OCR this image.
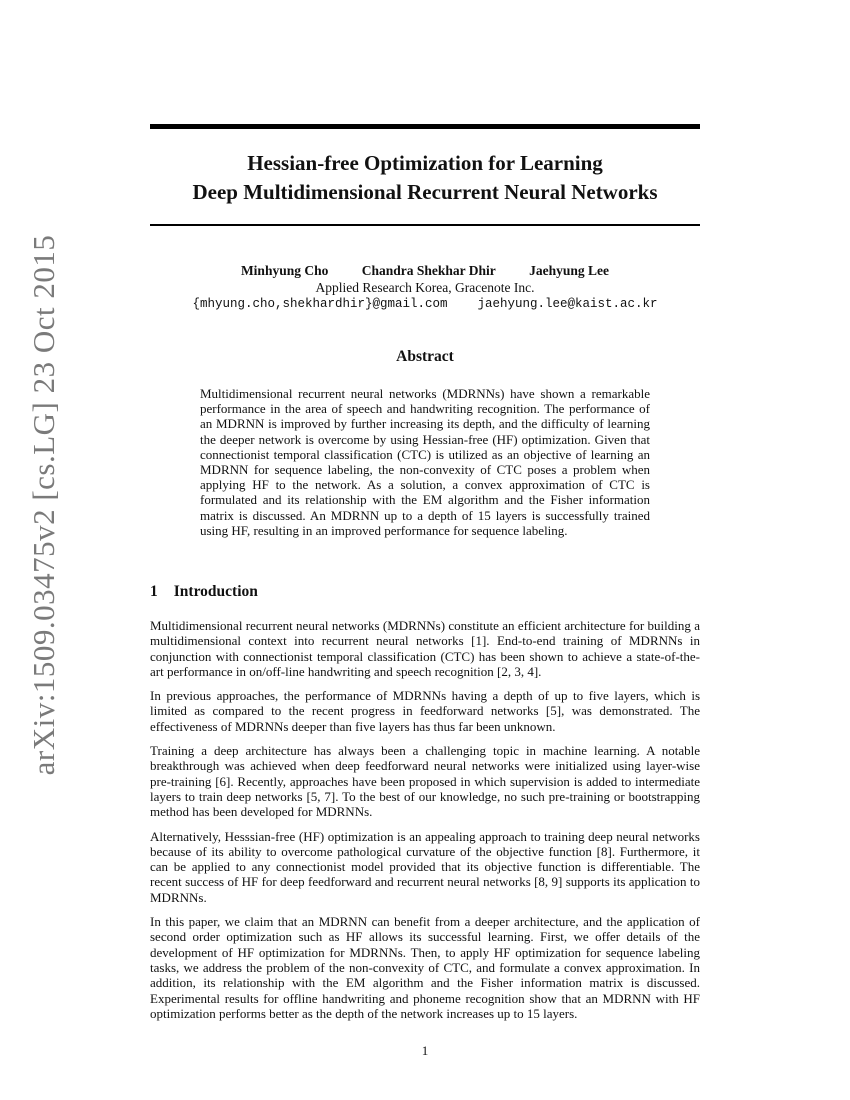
arXiv:1509.03475v2 [cs.LG] 23 Oct 2015
Hessian-free Optimization for Learning
Deep Multidimensional Recurrent Neural Networks
Minhyung Cho Chandra Shekhar Dhir Jaehyung Lee
Applied Research Korea, Gracenote Inc.
{mhyung.cho,shekhardhir}@gmail.com    jaehyung.lee@kaist.ac.kr
Abstract

Multidimensional recurrent neural networks (MDRNNs) have shown a remarkable performance in the area of speech and handwriting recognition. The performance of an MDRNN is improved by further increasing its depth, and the difficulty of learning the deeper network is overcome by using Hessian-free (HF) optimization. Given that connectionist temporal classification (CTC) is utilized as an objective of learning an MDRNN for sequence labeling, the non-convexity of CTC poses a problem when applying HF to the network. As a solution, a convex approximation of CTC is formulated and its relationship with the EM algorithm and the Fisher information matrix is discussed. An MDRNN up to a depth of 15 layers is successfully trained using HF, resulting in an improved performance for sequence labeling.

1 Introduction

Multidimensional recurrent neural networks (MDRNNs) constitute an efficient architecture for building a multidimensional context into recurrent neural networks [1]. End-to-end training of MDRNNs in conjunction with connectionist temporal classification (CTC) has been shown to achieve a state-of-the-art performance in on/off-line handwriting and speech recognition [2, 3, 4].

In previous approaches, the performance of MDRNNs having a depth of up to five layers, which is limited as compared to the recent progress in feedforward networks [5], was demonstrated. The effectiveness of MDRNNs deeper than five layers has thus far been unknown.

Training a deep architecture has always been a challenging topic in machine learning. A notable breakthrough was achieved when deep feedforward neural networks were initialized using layer-wise pre-training [6]. Recently, approaches have been proposed in which supervision is added to intermediate layers to train deep networks [5, 7]. To the best of our knowledge, no such pre-training or bootstrapping method has been developed for MDRNNs.

Alternatively, Hesssian-free (HF) optimization is an appealing approach to training deep neural networks because of its ability to overcome pathological curvature of the objective function [8]. Furthermore, it can be applied to any connectionist model provided that its objective function is differentiable. The recent success of HF for deep feedforward and recurrent neural networks [8, 9] supports its application to MDRNNs.

In this paper, we claim that an MDRNN can benefit from a deeper architecture, and the application of second order optimization such as HF allows its successful learning. First, we offer details of the development of HF optimization for MDRNNs. Then, to apply HF optimization for sequence labeling tasks, we address the problem of the non-convexity of CTC, and formulate a convex approximation. In addition, its relationship with the EM algorithm and the Fisher information matrix is discussed. Experimental results for offline handwriting and phoneme recognition show that an MDRNN with HF optimization performs better as the depth of the network increases up to 15 layers.

1
